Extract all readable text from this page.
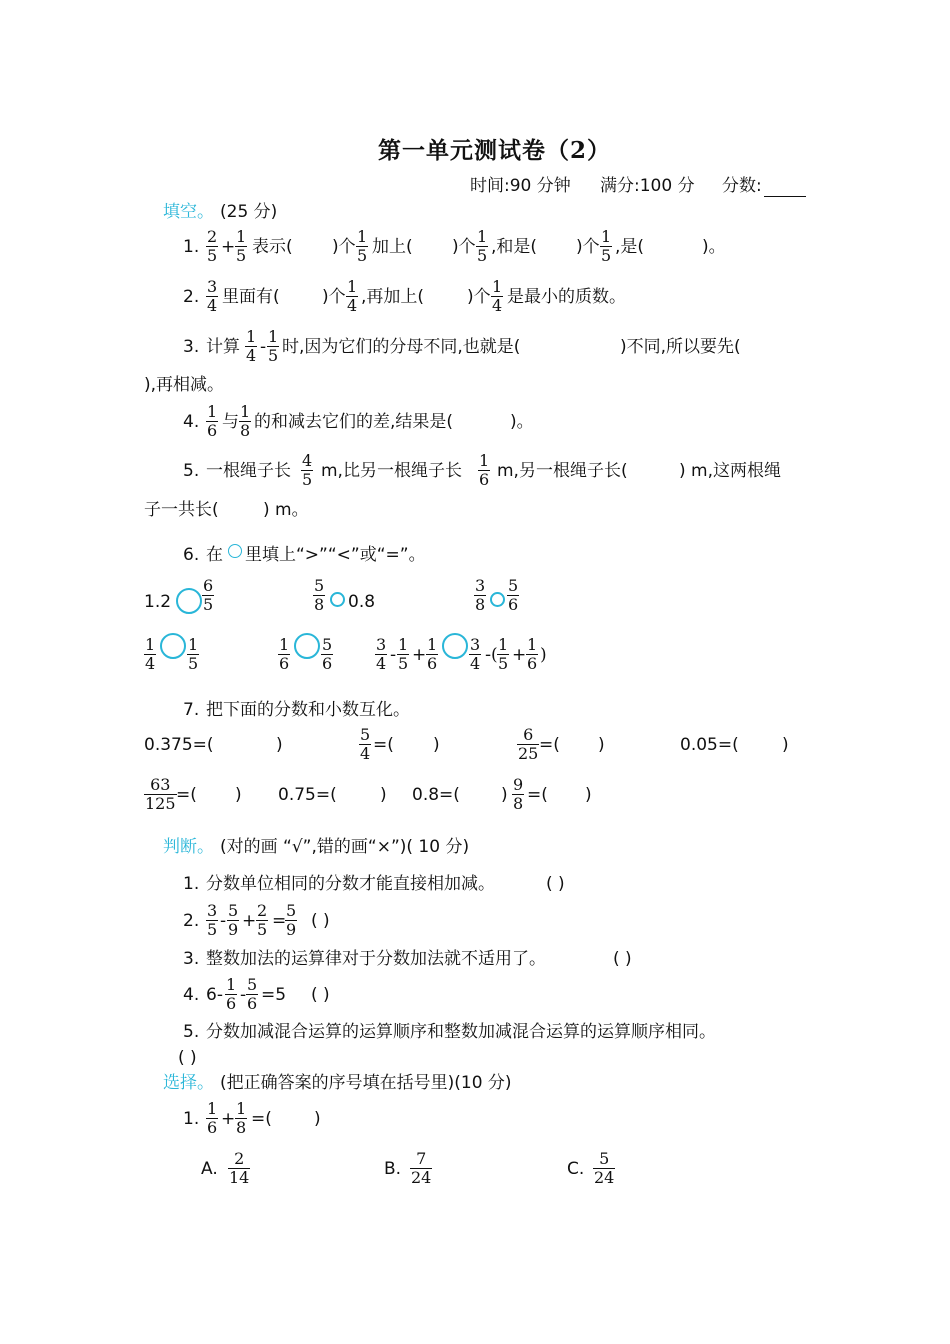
第一单元测试卷（2）
时间:90 分钟 满分:100 分 分数:
填空。 (25 分)
1. $\frac{2}{5} + \frac{1}{5}$ 表示( )个 $\frac{1}{5}$ 加上( )个 $\frac{1}{5}$ ,和是( )个 $\frac{1}{5}$ ,是(	)。
2. $\frac{3}{4}$ 里面有( )个 $\frac{1}{4}$ ,再加上(	)个 $\frac{1}{4}$ 是最小的质数。
3. 计算 $\frac{1}{4} - \frac{1}{5}$ 时,因为它们的分母不同,也就是(	)不同,所以要先(
),再相减。
4. $\frac{1}{6}$ 与 $\frac{1}{8}$ 的和减去它们的差,结果是(	)。
5. 一根绳子长 $\frac{4}{5} m$,比另一根绳子长 $\frac{1}{6} m$,另一根绳子长(	) m,这两根绳
子一共长(	) m。
6. 在 里填上“>”“<”或“=”。
$1.2 \frac{6}{5}$	$\frac{5}{8} 0.8$	$\frac{3}{8} \frac{5}{6}$
$\frac{1}{4} \frac{1}{5}$	$\frac{1}{6} \frac{5}{6}$	$\frac{3}{4} - \frac{1}{5} + \frac{1}{6} \frac{3}{4}$ - ( $\frac{1}{5} + \frac{1}{6}$ )
7. 把下面的分数和小数互化。
0.375=(	)	$\frac{5}{4}$ =( )	$\frac{6}{25}$ =( )	0.05=(	)
$\frac{63}{125}$ =( ) 0.75=(	) 0.8=( ) $\frac{9}{8}$ =( )
判断。 (对的画 “√”,错的画“×”)( 10 分)
1. 分数单位相同的分数才能直接相加减。	( )
2. $\frac{3}{5} - \frac{5}{9} + \frac{2}{5}$ =
$\frac{5}{9}$ ( )
3. 整数加法的运算律对于分数加法就不适用了。	( )
4. $6- \frac{1}{6} - \frac{5}{6} =5$ ( )
5. 分数加减混合运算的运算顺序和整数加减混合运算的运算顺序相同。
( )
选择。 (把正确答案的序号填在括号里)(10 分)
1. $\frac{1}{6} + \frac{1}{8}$ =( )
A. $\frac{2}{14}$	B. $\frac{7}{24}$	C. $\frac{5}{24}$
